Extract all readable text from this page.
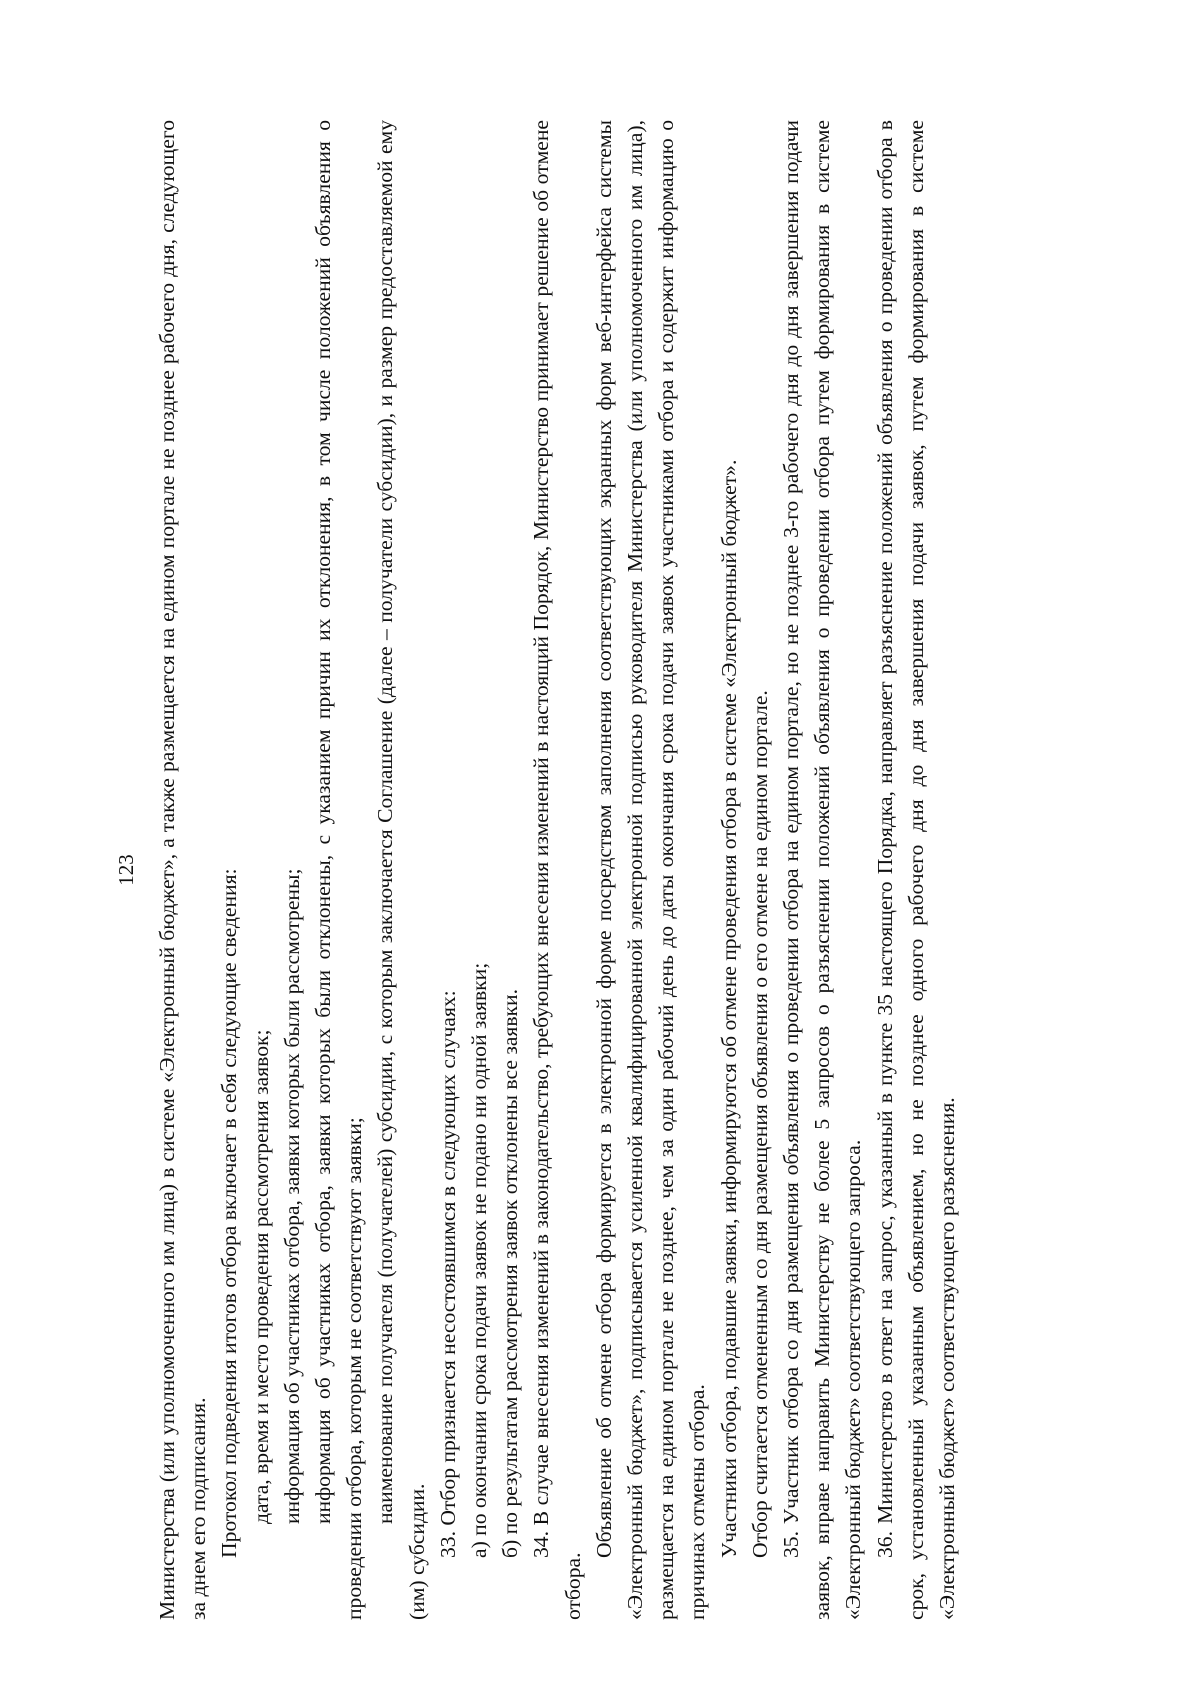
123 Министерства (или уполномоченного им лица) в системе «Электронный бюджет», а также размещается на едином портале не позднее рабочего дня, следующего за днем его подписания. Протокол подведения итогов отбора включает в себя следующие сведения: дата, время и место проведения рассмотрения заявок; информация об участниках отбора, заявки которых были рассмотрены; информация об участниках отбора, заявки которых были отклонены, с указанием причин их отклонения, в том числе положений объявления о проведении отбора, которым не соответствуют заявки; наименование получателя (получателей) субсидии, с которым заключается Соглашение (далее – получатели субсидии), и размер предоставляемой ему (им) субсидии. 33. Отбор признается несостоявшимся в следующих случаях: а) по окончании срока подачи заявок не подано ни одной заявки; б) по результатам рассмотрения заявок отклонены все заявки. 34. В случае внесения изменений в законодательство, требующих внесения изменений в настоящий Порядок, Министерство принимает решение об отмене отбора.

Объявление об отмене отбора формируется в электронной форме посредством заполнения соответствующих экранных форм веб-интерфейса системы «Электронный бюджет», подписывается усиленной квалифицированной электронной подписью руководителя Министерства (или уполномоченного им лица), размещается на едином портале не позднее, чем за один рабочий день до даты окончания срока подачи заявок участниками отбора и содержит информацию о причинах отмены отбора. Участники отбора, подавшие заявки, информируются об отмене проведения отбора в системе «Электронный бюджет». Отбор считается отмененным со дня размещения объявления о его отмене на едином портале. 35. Участник отбора со дня размещения объявления о проведении отбора на едином портале, но не позднее 3-го рабочего дня до дня завершения подачи заявок, вправе направить Министерству не более 5 запросов о разъяснении положений объявления о проведении отбора путем формирования в системе «Электронный бюджет» соответствующего запроса. 36. Министерство в ответ на запрос, указанный в пункте 35 настоящего Порядка, направляет разъяснение положений объявления о проведении отбора в срок, установленный указанным объявлением, но не позднее одного рабочего дня до дня завершения подачи заявок, путем формирования в системе «Электронный бюджет» соответствующего разъяснения.
